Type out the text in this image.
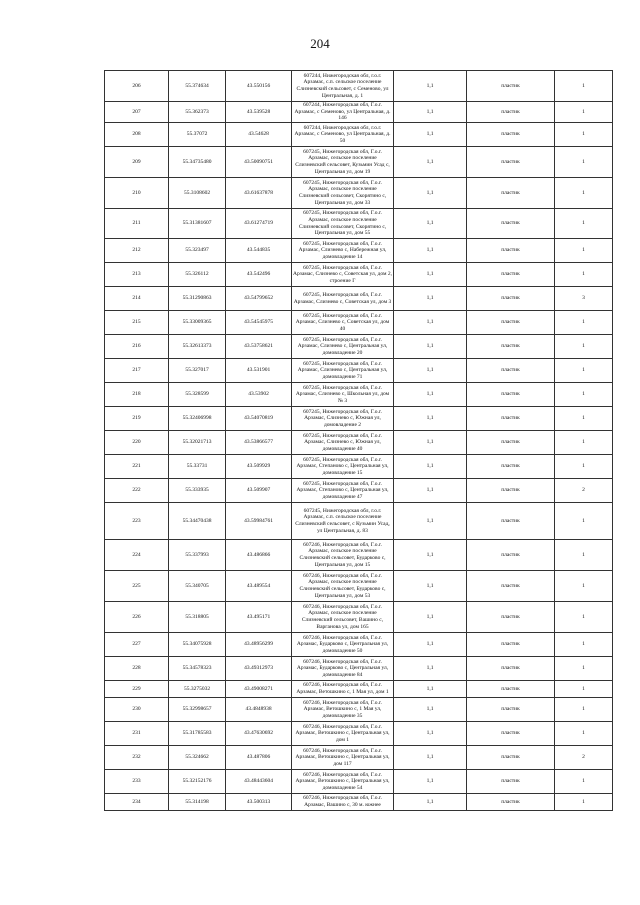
204
206	55.374634	43.550156	607244, Нижегородская обл, г.о.г. Арзамас, с.п. сельское поселение Слизневский сельсовет, с Семеново, ул Центральная, д. 1	1,1	пластик	1
207	55.362373	43.539528	607244, Нижегородская обл, Г.о.г. Арзамас, с Семеново, ул Центральная, д. 146	1,1	пластик	1
208	55.37072	43.54628	607244, Нижегородская обл, г.о.г. Арзамас, с Семеново, ул Центральная, д. 50	1,1	пластик	1
209	55.34735480	43.50090751	607245, Нижегородская обл, Г.о.г. Арзамас, сельское поселение Слизневский сельсовет, Кузьмин Усад с, Центральная ул, дом 19	1,1	пластик	1
210	55.3108602	43.61637878	607245, Нижегородская обл, Г.о.г. Арзамас, сельское поселение Слизневский сельсовет, Скорятино с, Центральная ул, дом 33	1,1	пластик	1
211	55.31381607	43.61274719	607245, Нижегородская обл, Г.о.г. Арзамас, сельское поселение Слизневский сельсовет, Скорятино с, Центральная ул, дом 55	1,1	пластик	1
212	55.323497	43.544835	607245, Нижегородская обл, Г.о.г. Арзамас, Слизнево с, Набережная ул, домовладение 14	1,1	пластик	1
213	55.326112	43.542496	607245, Нижегородская обл, Г.о.г. Арзамас, Слизнево с, Советская ул, дом 2, строение Г	1,1	пластик	1
214	55.31290863	43.54799652	607245, Нижегородская обл, Г.о.г. Арзамас, Слизнево с, Советская ул, дом 3	1,1	пластик	3
215	55.33009365	43.54545975	607245, Нижегородская обл, Г.о.г. Арзамас, Слизнево с, Советская ул, дом 40	1,1	пластик	1
216	55.32613373	43.53758621	607245, Нижегородская обл, Г.о.г. Арзамас, Слизнево с, Центральная ул, домовладение 20	1,1	пластик	1
217	55.327017	43.531901	607245, Нижегородская обл, Г.о.г. Арзамас, Слизнево с, Центральная ул, домовладение 71	1,1	пластик	1
218	55.328599	43.53902	607245, Нижегородская обл, Г.о.г. Арзамас, Слизнево с, Школьная ул, дом № 3	1,1	пластик	1
219	55.32406998	43.54070819	607245, Нижегородская обл, Г.о.г. Арзамас, Слизнево с, Южная ул, домовладение 2	1,1	пластик	1
220	55.32021713	43.53866577	607245, Нижегородская обл, Г.о.г. Арзамас, Слизнево с, Южная ул, домовладение 40	1,1	пластик	1
221	55.33731	43.509929	607245, Нижегородская обл, Г.о.г. Арзамас, Степаново с, Центральная ул, домовладение 15	1,1	пластик	1
222	55.333935	43.509907	607245, Нижегородская обл, Г.о.г. Арзамас, Степаново с, Центральная ул, домовладение 47	1,1	пластик	2
223	55.34470438	43.59984761	607245, Нижегородская обл, г.о.г. Арзамас, с.п. сельское поселение Слизневский сельсовет, с Кузьмин Усад, ул Центральная, д. 83	1,1	пластик	1
224	55.337993	43.486866	607246, Нижегородская обл, Г.о.г. Арзамас, сельское поселение Слизневский сельсовет, Бударково с, Центральная ул, дом 15	1,1	пластик	1
225	55.340705	43.489554	607246, Нижегородская обл, Г.о.г. Арзамас, сельское поселение Слизневский сельсовет, Бударково с, Центральная ул, дом 53	1,1	пластик	1
226	55.318805	43.495171	607246, Нижегородская обл, Г.о.г. Арзамас, сельское поселение Слизневский сельсовет, Вашино с, Варганова ул, дом 165	1,1	пластик	1
227	55.34075928	43.48956299	607246, Нижегородская обл, Г.о.г. Арзамас, Бударково с, Центральная ул, домовладение 50	1,1	пластик	1
228	55.34578323	43.49312973	607246, Нижегородская обл, Г.о.г. Арзамас, Бударково с, Центральная ул, домовладение 84	1,1	пластик	1
229	55.3275032	43.49008271	607246, Нижегородская обл, Г.о.г. Арзамас, Ветошкино с, 1 Мая ул, дом 1	1,1	пластик	1
230	55.32998657	43.4848938	607246, Нижегородская обл, Г.о.г. Арзамас, Ветошкино с, 1 Мая ул, домовладение 35	1,1	пластик	1
231	55.31785583	43.47630692	607246, Нижегородская обл, Г.о.г. Арзамас, Ветошкино с, Центральная ул, дом 1	1,1	пластик	1
232	55.324662	43.487806	607246, Нижегородская обл, Г.о.г. Арзамас, Ветошкино с, Центральная ул, дом 117	1,1	пластик	2
233	55.32152176	43.48443604	607246, Нижегородская обл, Г.о.г. Арзамас, Ветошкино с, Центральная ул, домовладение 54	1,1	пластик	1
234	55.314198	43.500313	607246, Нижегородская обл, Г.о.г. Арзамас, Вашино с, 30 м. южнее	1,1	пластик	1
